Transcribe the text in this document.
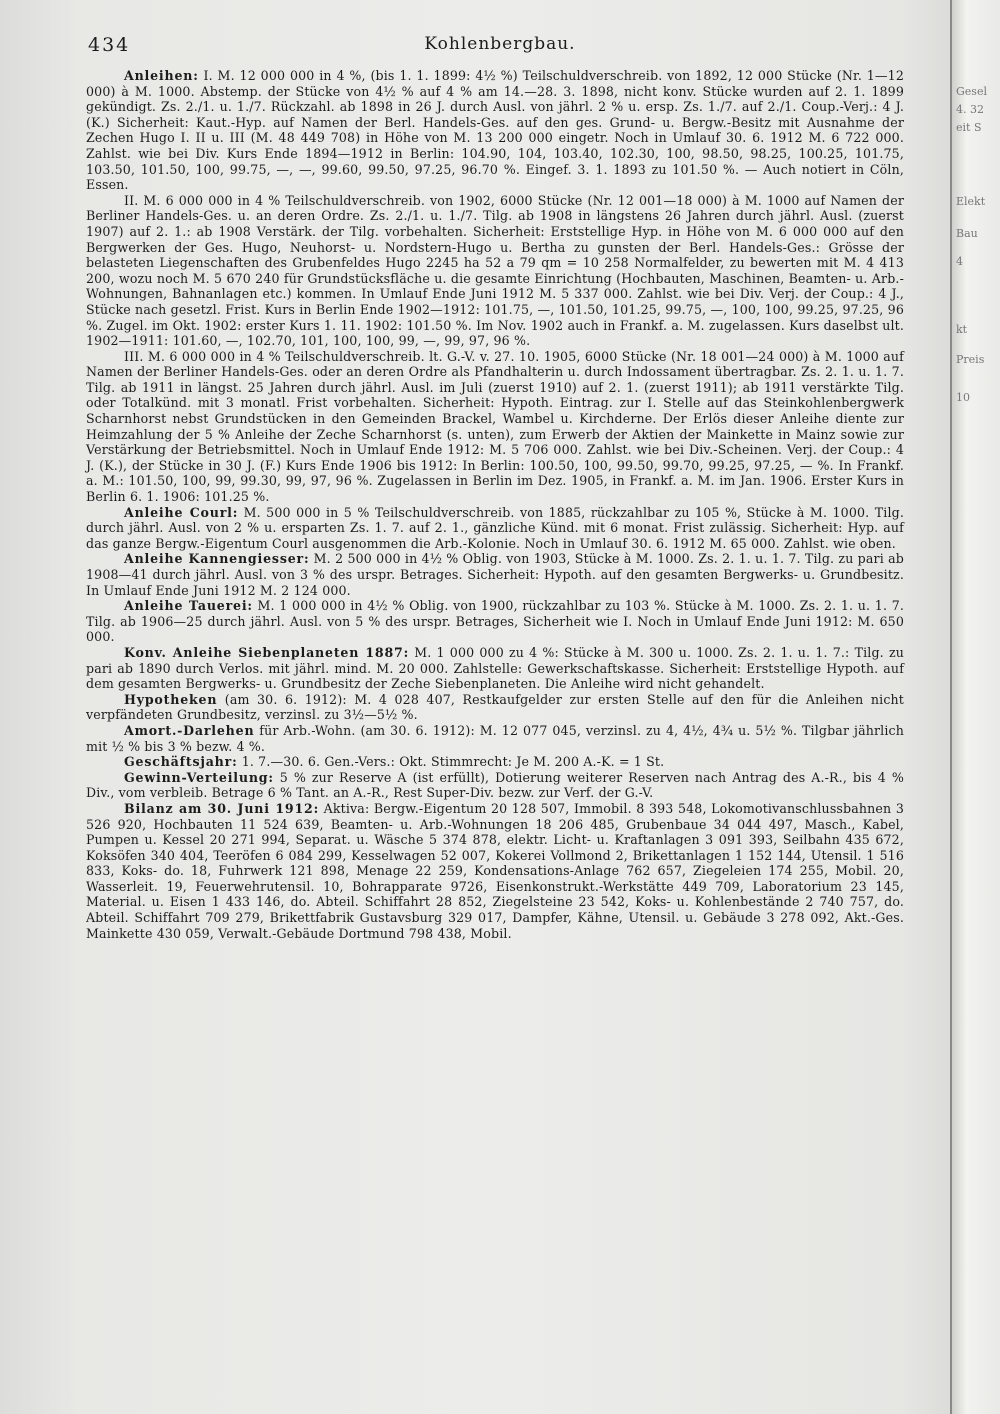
Gesel
4. 32
eit S
Elekt
Bau
4
kt
Preis
10
434	Kohlenbergbau.

Anleihen: I. M. 12 000 000 in 4 %, (bis 1. 1. 1899: 4½ %) Teilschuldverschreib. von 1892, 12 000 Stücke (Nr. 1—12 000) à M. 1000. Abstemp. der Stücke von 4½ % auf 4 % am 14.—28. 3. 1898, nicht konv. Stücke wurden auf 2. 1. 1899 gekündigt. Zs. 2./1. u. 1./7. Rückzahl. ab 1898 in 26 J. durch Ausl. von jährl. 2 % u. ersp. Zs. 1./7. auf 2./1. Coup.-Verj.: 4 J. (K.) Sicherheit: Kaut.-Hyp. auf Namen der Berl. Handels-Ges. auf den ges. Grund- u. Bergw.-Besitz mit Ausnahme der Zechen Hugo I. II u. III (M. 48 449 708) in Höhe von M. 13 200 000 eingetr. Noch in Umlauf 30. 6. 1912 M. 6 722 000. Zahlst. wie bei Div. Kurs Ende 1894—1912 in Berlin: 104.90, 104, 103.40, 102.30, 100, 98.50, 98.25, 100.25, 101.75, 103.50, 101.50, 100, 99.75, —, —, 99.60, 99.50, 97.25, 96.70 %. Eingef. 3. 1. 1893 zu 101.50 %. — Auch notiert in Cöln, Essen.

II. M. 6 000 000 in 4 % Teilschuldverschreib. von 1902, 6000 Stücke (Nr. 12 001—18 000) à M. 1000 auf Namen der Berliner Handels-Ges. u. an deren Ordre. Zs. 2./1. u. 1./7. Tilg. ab 1908 in längstens 26 Jahren durch jährl. Ausl. (zuerst 1907) auf 2. 1.: ab 1908 Verstärk. der Tilg. vorbehalten. Sicherheit: Erststellige Hyp. in Höhe von M. 6 000 000 auf den Bergwerken der Ges. Hugo, Neuhorst- u. Nordstern-Hugo u. Bertha zu gunsten der Berl. Handels-Ges.: Grösse der belasteten Liegenschaften des Grubenfeldes Hugo 2245 ha 52 a 79 qm = 10 258 Normalfelder, zu bewerten mit M. 4 413 200, wozu noch M. 5 670 240 für Grundstücksfläche u. die gesamte Einrichtung (Hochbauten, Maschinen, Beamten- u. Arb.-Wohnungen, Bahnanlagen etc.) kommen. In Umlauf Ende Juni 1912 M. 5 337 000. Zahlst. wie bei Div. Verj. der Coup.: 4 J., Stücke nach gesetzl. Frist. Kurs in Berlin Ende 1902—1912: 101.75, —, 101.50, 101.25, 99.75, —, 100, 100, 99.25, 97.25, 96 %. Zugel. im Okt. 1902: erster Kurs 1. 11. 1902: 101.50 %. Im Nov. 1902 auch in Frankf. a. M. zugelassen. Kurs daselbst ult. 1902—1911: 101.60, —, 102.70, 101, 100, 100, 99, —, 99, 97, 96 %.

III. M. 6 000 000 in 4 % Teilschuldverschreib. lt. G.-V. v. 27. 10. 1905, 6000 Stücke (Nr. 18 001—24 000) à M. 1000 auf Namen der Berliner Handels-Ges. oder an deren Ordre als Pfandhalterin u. durch Indossament übertragbar. Zs. 2. 1. u. 1. 7. Tilg. ab 1911 in längst. 25 Jahren durch jährl. Ausl. im Juli (zuerst 1910) auf 2. 1. (zuerst 1911); ab 1911 verstärkte Tilg. oder Totalkünd. mit 3 monatl. Frist vorbehalten. Sicherheit: Hypoth. Eintrag. zur I. Stelle auf das Steinkohlenbergwerk Scharnhorst nebst Grundstücken in den Gemeinden Brackel, Wambel u. Kirchderne. Der Erlös dieser Anleihe diente zur Heimzahlung der 5 % Anleihe der Zeche Scharnhorst (s. unten), zum Erwerb der Aktien der Mainkette in Mainz sowie zur Verstärkung der Betriebsmittel. Noch in Umlauf Ende 1912: M. 5 706 000. Zahlst. wie bei Div.-Scheinen. Verj. der Coup.: 4 J. (K.), der Stücke in 30 J. (F.) Kurs Ende 1906 bis 1912: In Berlin: 100.50, 100, 99.50, 99.70, 99.25, 97.25, — %. In Frankf. a. M.: 101.50, 100, 99, 99.30, 99, 97, 96 %. Zugelassen in Berlin im Dez. 1905, in Frankf. a. M. im Jan. 1906. Erster Kurs in Berlin 6. 1. 1906: 101.25 %.

Anleihe Courl: M. 500 000 in 5 % Teilschuldverschreib. von 1885, rückzahlbar zu 105 %, Stücke à M. 1000. Tilg. durch jährl. Ausl. von 2 % u. ersparten Zs. 1. 7. auf 2. 1., gänzliche Künd. mit 6 monat. Frist zulässig. Sicherheit: Hyp. auf das ganze Bergw.-Eigentum Courl ausgenommen die Arb.-Kolonie. Noch in Umlauf 30. 6. 1912 M. 65 000. Zahlst. wie oben.

Anleihe Kannengiesser: M. 2 500 000 in 4½ % Oblig. von 1903, Stücke à M. 1000. Zs. 2. 1. u. 1. 7. Tilg. zu pari ab 1908—41 durch jährl. Ausl. von 3 % des urspr. Betrages. Sicherheit: Hypoth. auf den gesamten Bergwerks- u. Grundbesitz. In Umlauf Ende Juni 1912 M. 2 124 000.

Anleihe Tauerei: M. 1 000 000 in 4½ % Oblig. von 1900, rückzahlbar zu 103 %. Stücke à M. 1000. Zs. 2. 1. u. 1. 7. Tilg. ab 1906—25 durch jährl. Ausl. von 5 % des urspr. Betrages, Sicherheit wie I. Noch in Umlauf Ende Juni 1912: M. 650 000.

Konv. Anleihe Siebenplaneten 1887: M. 1 000 000 zu 4 %: Stücke à M. 300 u. 1000. Zs. 2. 1. u. 1. 7.: Tilg. zu pari ab 1890 durch Verlos. mit jährl. mind. M. 20 000. Zahlstelle: Gewerkschaftskasse. Sicherheit: Erststellige Hypoth. auf dem gesamten Bergwerks- u. Grundbesitz der Zeche Siebenplaneten. Die Anleihe wird nicht gehandelt.

Hypotheken (am 30. 6. 1912): M. 4 028 407, Restkaufgelder zur ersten Stelle auf den für die Anleihen nicht verpfändeten Grundbesitz, verzinsl. zu 3½—5½ %.

Amort.-Darlehen für Arb.-Wohn. (am 30. 6. 1912): M. 12 077 045, verzinsl. zu 4, 4½, 4¾ u. 5½ %. Tilgbar jährlich mit ½ % bis 3 % bezw. 4 %.

Geschäftsjahr: 1. 7.—30. 6. Gen.-Vers.: Okt. Stimmrecht: Je M. 200 A.-K. = 1 St.

Gewinn-Verteilung: 5 % zur Reserve A (ist erfüllt), Dotierung weiterer Reserven nach Antrag des A.-R., bis 4 % Div., vom verbleib. Betrage 6 % Tant. an A.-R., Rest Super-Div. bezw. zur Verf. der G.-V.

Bilanz am 30. Juni 1912: Aktiva: Bergw.-Eigentum 20 128 507, Immobil. 8 393 548, Lokomotivanschlussbahnen 3 526 920, Hochbauten 11 524 639, Beamten- u. Arb.-Wohnungen 18 206 485, Grubenbaue 34 044 497, Masch., Kabel, Pumpen u. Kessel 20 271 994, Separat. u. Wäsche 5 374 878, elektr. Licht- u. Kraftanlagen 3 091 393, Seilbahn 435 672, Koksöfen 340 404, Teeröfen 6 084 299, Kesselwagen 52 007, Kokerei Vollmond 2, Brikettanlagen 1 152 144, Utensil. 1 516 833, Koks- do. 18, Fuhrwerk 121 898, Menage 22 259, Kondensations-Anlage 762 657, Ziegeleien 174 255, Mobil. 20, Wasserleit. 19, Feuerwehrutensil. 10, Bohrapparate 9726, Eisenkonstrukt.-Werkstätte 449 709, Laboratorium 23 145, Material. u. Eisen 1 433 146, do. Abteil. Schiffahrt 28 852, Ziegelsteine 23 542, Koks- u. Kohlenbestände 2 740 757, do. Abteil. Schiffahrt 709 279, Brikettfabrik Gustavsburg 329 017, Dampfer, Kähne, Utensil. u. Gebäude 3 278 092, Akt.-Ges. Mainkette 430 059, Verwalt.-Gebäude Dortmund 798 438, Mobil.
